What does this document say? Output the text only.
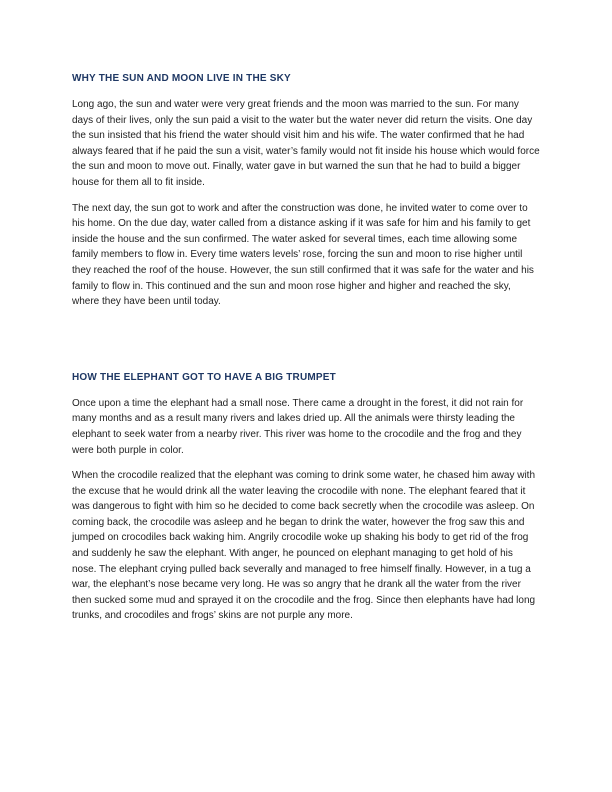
WHY THE SUN AND MOON LIVE IN THE SKY

Long ago, the sun and water were very great friends and the moon was married to the sun. For many days of their lives, only the sun paid a visit to the water but the water never did return the visits. One day the sun insisted that his friend the water should visit him and his wife. The water confirmed that he had always feared that if he paid the sun a visit, water’s family would not fit inside his house which would force the sun and moon to move out. Finally, water gave in but warned the sun that he had to build a bigger house for them all to fit inside.

The next day, the sun got to work and after the construction was done, he invited water to come over to his home. On the due day, water called from a distance asking if it was safe for him and his family to get inside the house and the sun confirmed. The water asked for several times, each time allowing some family members to flow in. Every time waters levels’ rose, forcing the sun and moon to rise higher until they reached the roof of the house. However, the sun still confirmed that it was safe for the water and his family to flow in. This continued and the sun and moon rose higher and higher and reached the sky, where they have been until today.

HOW THE ELEPHANT GOT TO HAVE A BIG TRUMPET

Once upon a time the elephant had a small nose. There came a drought in the forest, it did not rain for many months and as a result many rivers and lakes dried up. All the animals were thirsty leading the elephant to seek water from a nearby river. This river was home to the crocodile and the frog and they were both purple in color.

When the crocodile realized that the elephant was coming to drink some water, he chased him away with the excuse that he would drink all the water leaving the crocodile with none. The elephant feared that it was dangerous to fight with him so he decided to come back secretly when the crocodile was asleep. On coming back, the crocodile was asleep and he began to drink the water, however the frog saw this and jumped on crocodiles back waking him. Angrily crocodile woke up shaking his body to get rid of the frog and suddenly he saw the elephant. With anger, he pounced on elephant managing to get hold of his nose. The elephant crying pulled back severally and managed to free himself finally. However, in a tug a war, the elephant’s nose became very long. He was so angry that he drank all the water from the river then sucked some mud and sprayed it on the crocodile and the frog. Since then elephants have had long trunks, and crocodiles and frogs’ skins are not purple any more.
